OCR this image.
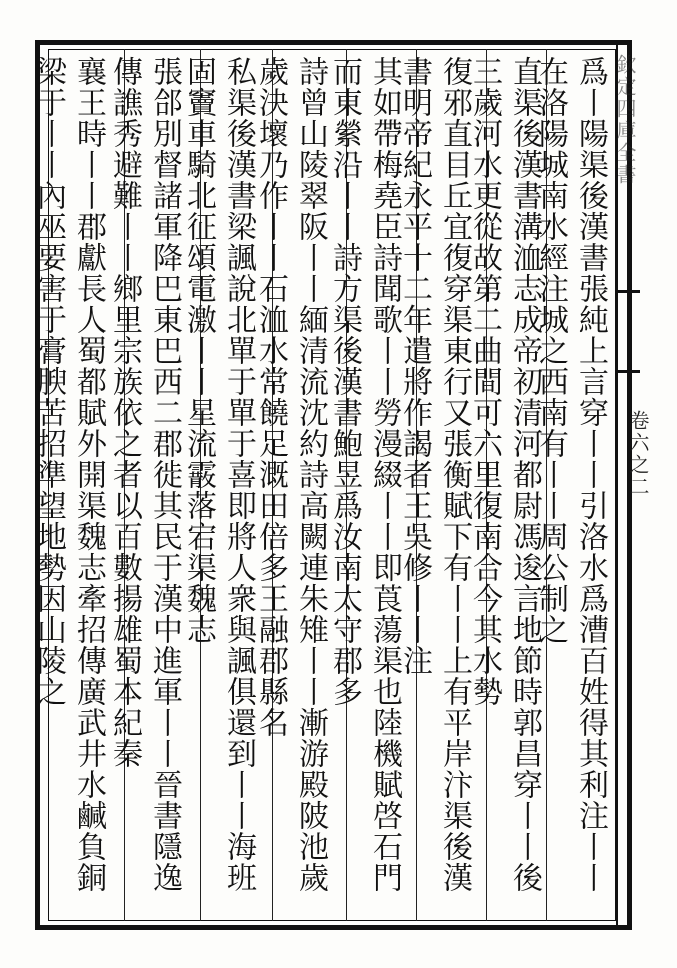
欽定四庫全書
卷六之二
爲丨陽渠後漢書張純上言穿丨丨引洛水爲漕百姓得其利注丨丨在洛陽城南水經注城之西南有丨丨周公制之
直渠後漢書溝洫志成帝初清河都尉馮逡言地節時郭昌穿丨丨後三歲河水更從故第二曲間可六里復南合今其水勢
復邪直目丘宜復穿渠東行又張衡賦下有丨丨上有平岸汴渠後漢書明帝紀永平十二年遣將作謁者王吳修丨丨注
其如帶梅堯臣詩聞歌丨丨勞漫綴丨丨即莨蕩渠也陸機賦啓石門而東縈沿丨丨詩方渠後漢書鮑昱爲汝南太守郡多
詩曾山陵翠阪丨丨緬清流沈約詩高闕連朱雉丨丨漸游殿陂池歲歲決壞乃作丨丨石洫水常饒足溉田倍多王融郡縣名
私渠後漢書梁諷說北單于單于喜即將人衆與諷俱還到丨丨海班固竇車騎北征頌電激丨丨星流霰落宕渠魏志
張郃別督諸軍降巴東巴西二郡徙其民于漢中進軍丨丨晉書隱逸傳譙秀避難丨丨鄉里宗族依之者以百數揚雄蜀本紀秦
襄王時丨丨郡獻長人蜀都賦外開渠魏志牽招傳廣武井水鹹負銅梁于丨丨內巫要害于膏腴苦招準望地勢因山陵之
